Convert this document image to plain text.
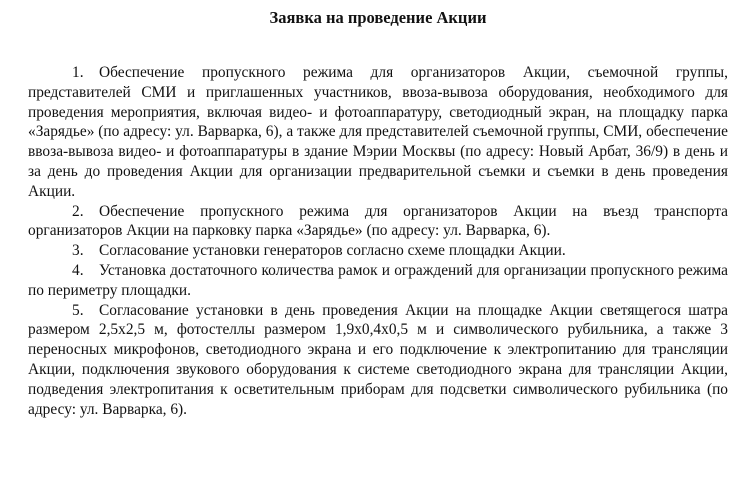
Заявка на проведение Акции

1. Обеспечение пропускного режима для организаторов Акции, съемочной группы, представителей СМИ и приглашенных участников, ввоза-вывоза оборудования, необходимого для проведения мероприятия, включая видео- и фотоаппаратуру, светодиодный экран, на площадку парка «Зарядье» (по адресу: ул. Варварка, 6), а также для представителей съемочной группы, СМИ, обеспечение ввоза-вывоза видео- и фотоаппаратуры в здание Мэрии Москвы (по адресу: Новый Арбат, 36/9) в день и за день до проведения Акции для организации предварительной съемки и съемки в день проведения Акции.

2. Обеспечение пропускного режима для организаторов Акции на въезд транспорта организаторов Акции на парковку парка «Зарядье» (по адресу: ул. Варварка, 6).

3. Согласование установки генераторов согласно схеме площадки Акции.

4. Установка достаточного количества рамок и ограждений для организации пропускного режима по периметру площадки.

5. Согласование установки в день проведения Акции на площадке Акции светящегося шатра размером 2,5х2,5 м, фотостеллы размером 1,9х0,4х0,5 м и символического рубильника, а также 3 переносных микрофонов, светодиодного экрана и его подключение к электропитанию для трансляции Акции, подключения звукового оборудования к системе светодиодного экрана для трансляции Акции, подведения электропитания к осветительным приборам для подсветки символического рубильника (по адресу: ул. Варварка, 6).
